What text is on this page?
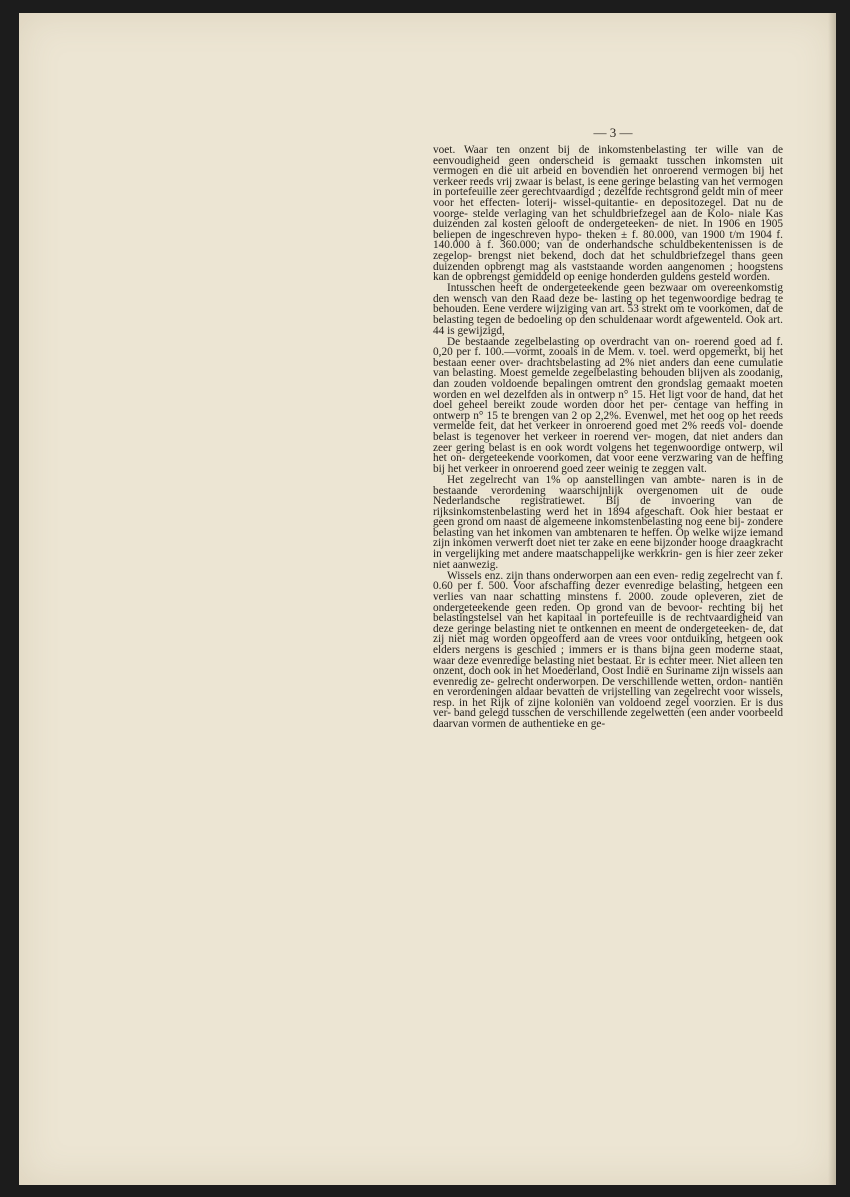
— 3 —

voet. Waar ten onzent bij de inkomstenbelasting ter wille van de eenvoudigheid geen onderscheid is gemaakt tusschen inkomsten uit vermogen en die uit arbeid en bovendien het onroerend vermogen bij het verkeer reeds vrij zwaar is belast, is eene geringe belasting van het vermogen in portefeuille zeer gerechtvaardigd ; dezelfde rechtsgrond geldt min of meer voor het effecten- loterij- wissel-quitantie- en depositozegel. Dat nu de voorge- stelde verlaging van het schuldbriefzegel aan de Kolo- niale Kas duizenden zal kosten gelooft de ondergeteeken- de niet. In 1906 en 1905 beliepen de ingeschreven hypo- theken ± f. 80.000, van 1900 t/m 1904 f. 140.000 à f. 360.000; van de onderhandsche schuldbekentenissen is de zegelop- brengst niet bekend, doch dat het schuldbriefzegel thans geen duizenden opbrengt mag als vaststaande worden aangenomen ; hoogstens kan de opbrengst gemiddeld op eenige honderden guldens gesteld worden.

Intusschen heeft de ondergeteekende geen bezwaar om overeenkomstig den wensch van den Raad deze be- lasting op het tegenwoordige bedrag te behouden. Eene verdere wijziging van art. 53 strekt om te voorkomen, dat de belasting tegen de bedoeling op den schuldenaar wordt afgewenteld. Ook art. 44 is gewijzigd,

De bestaande zegelbelasting op overdracht van on- roerend goed ad f. 0,20 per f. 100.—vormt, zooals in de Mem. v. toel. werd opgemerkt, bij het bestaan eener over- drachtsbelasting ad 2% niet anders dan eene cumulatie van belasting. Moest gemelde zegelbelasting behouden blijven als zoodanig, dan zouden voldoende bepalingen omtrent den grondslag gemaakt moeten worden en wel dezelfden als in ontwerp n° 15. Het ligt voor de hand, dat het doel geheel bereikt zoude worden door het per- centage van heffing in ontwerp n° 15 te brengen van 2 op 2,2%. Evenwel, met het oog op het reeds vermelde feit, dat het verkeer in onroerend goed met 2% reeds vol- doende belast is tegenover het verkeer in roerend ver- mogen, dat niet anders dan zeer gering belast is en ook wordt volgens het tegenwoordige ontwerp, wil het on- dergeteekende voorkomen, dat voor eene verzwaring van de heffing bij het verkeer in onroerend goed zeer weinig te zeggen valt.

Het zegelrecht van 1% op aanstellingen van ambte- naren is in de bestaande verordening waarschijnlijk overgenomen uit de oude Nederlandsche registratiewet. Bij de invoering van de rijksinkomstenbelasting werd het in 1894 afgeschaft. Ook hier bestaat er geen grond om naast de algemeene inkomstenbelasting nog eene bij- zondere belasting van het inkomen van ambtenaren te heffen. Op welke wijze iemand zijn inkomen verwerft doet niet ter zake en eene bijzonder hooge draagkracht in vergelijking met andere maatschappelijke werkkrin- gen is hier zeer zeker niet aanwezig.

Wissels enz. zijn thans onderworpen aan een even- redig zegelrecht van f. 0.60 per f. 500. Voor afschaffing dezer evenredige belasting, hetgeen een verlies van naar schatting minstens f. 2000. zoude opleveren, ziet de ondergeteekende geen reden. Op grond van de bevoor- rechting bij het belastingstelsel van het kapitaal in portefeuille is de rechtvaardigheid van deze geringe belasting niet te ontkennen en meent de ondergeteeken- de, dat zij niet mag worden opgeofferd aan de vrees voor ontduiking, hetgeen ook elders nergens is geschied ; immers er is thans bijna geen moderne staat, waar deze evenredige belasting niet bestaat. Er is echter meer. Niet alleen ten onzent, doch ook in het Moederland, Oost Indië en Suriname zijn wissels aan evenredig ze- gelrecht onderworpen. De verschillende wetten, ordon- nantiën en verordeningen aldaar bevatten de vrijstelling van zegelrecht voor wissels, resp. in het Rijk of zijne koloniën van voldoend zegel voorzien. Er is dus ver- band gelegd tusschen de verschillende zegelwetten (een ander voorbeeld daarvan vormen de authentieke en ge-
